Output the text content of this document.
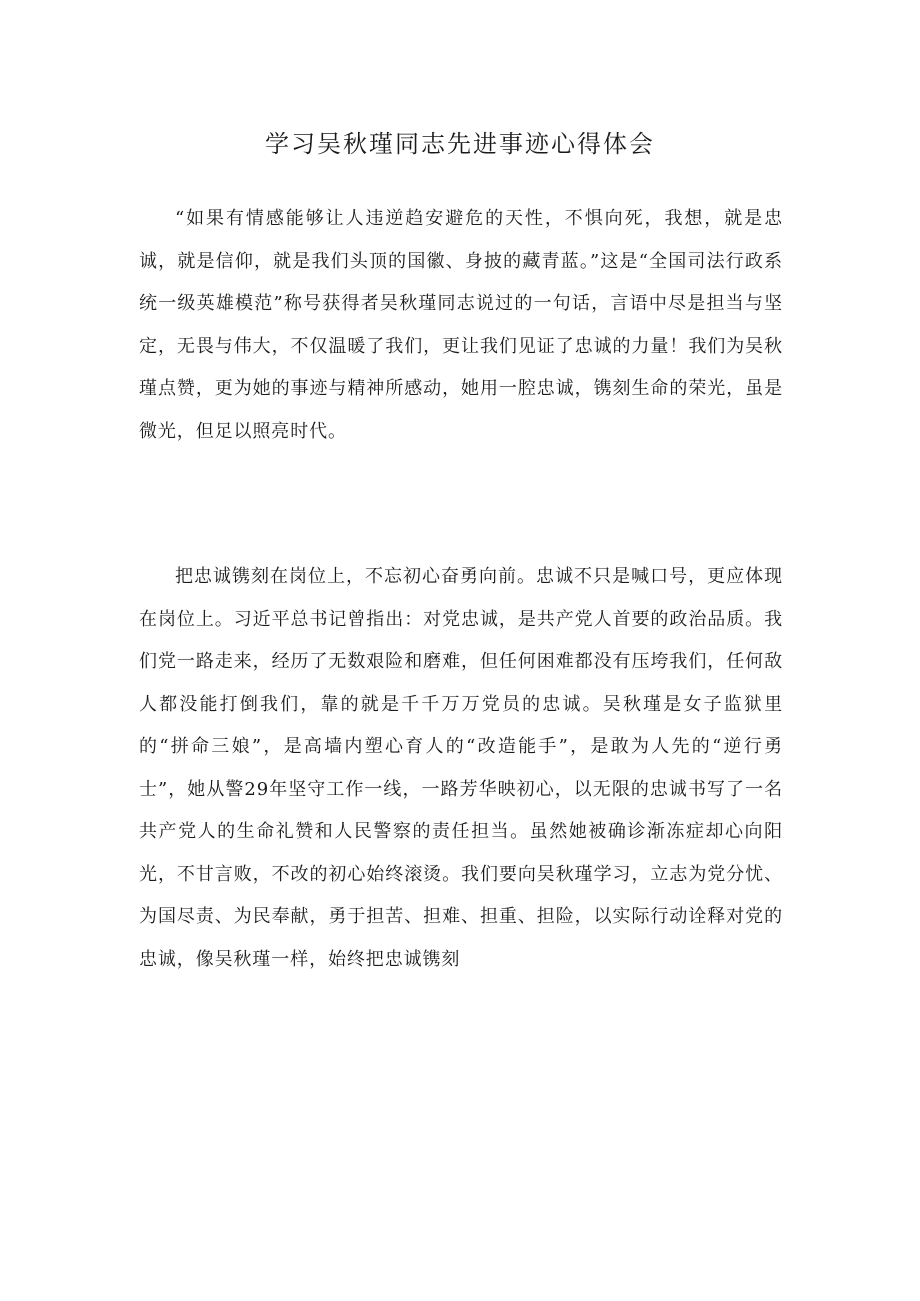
学习吴秋瑾同志先进事迹心得体会

“如果有情感能够让人违逆趋安避危的天性，不惧向死，我想，就是忠诚，就是信仰，就是我们头顶的国徽、身披的藏青蓝。”这是“全国司法行政系统一级英雄模范”称号获得者吴秋瑾同志说过的一句话，言语中尽是担当与坚定，无畏与伟大，不仅温暖了我们，更让我们见证了忠诚的力量！我们为吴秋瑾点赞，更为她的事迹与精神所感动，她用一腔忠诚，镌刻生命的荣光，虽是微光，但足以照亮时代。

把忠诚镌刻在岗位上，不忘初心奋勇向前。忠诚不只是喊口号，更应体现在岗位上。习近平总书记曾指出：对党忠诚，是共产党人首要的政治品质。我们党一路走来，经历了无数艰险和磨难，但任何困难都没有压垮我们，任何敌人都没能打倒我们，靠的就是千千万万党员的忠诚。吴秋瑾是女子监狱里的“拼命三娘”，是高墙内塑心育人的“改造能手”，是敢为人先的“逆行勇士”，她从警29年坚守工作一线，一路芳华映初心，以无限的忠诚书写了一名共产党人的生命礼赞和人民警察的责任担当。虽然她被确诊渐冻症却心向阳光，不甘言败，不改的初心始终滚烫。我们要向吴秋瑾学习，立志为党分忧、为国尽责、为民奉献，勇于担苦、担难、担重、担险，以实际行动诠释对党的忠诚，像吴秋瑾一样，始终把忠诚镌刻
